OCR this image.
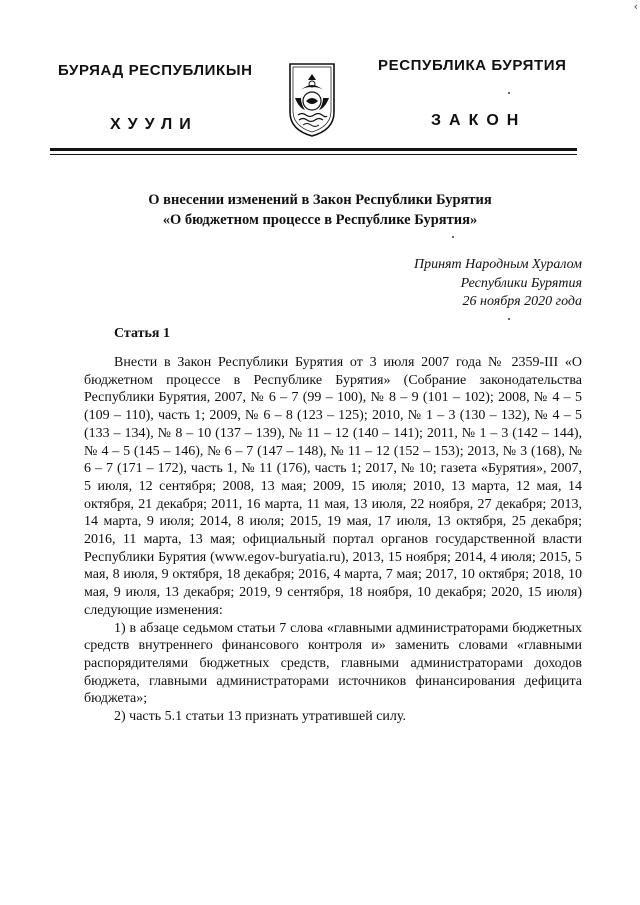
‹
БУРЯАД РЕСПУБЛИКЫН
ХУУЛИ
РЕСПУБЛИКА БУРЯТИЯ
ЗАКОН
О внесении изменений в Закон Республики Бурятия
«О бюджетном процессе в Республике Бурятия»
Принят Народным Хуралом
Республики Бурятия
26 ноября 2020 года
Статья 1

Внести в Закон Республики Бурятия от 3 июля 2007 года № 2359-III «О бюджетном процессе в Республике Бурятия» (Собрание законодательства Республики Бурятия, 2007, № 6 – 7 (99 – 100), № 8 – 9 (101 – 102); 2008, № 4 – 5 (109 – 110), часть 1; 2009, № 6 – 8 (123 – 125); 2010, № 1 – 3 (130 – 132), № 4 – 5 (133 – 134), № 8 – 10 (137 – 139), № 11 – 12 (140 – 141); 2011, № 1 – 3 (142 – 144), № 4 – 5 (145 – 146), № 6 – 7 (147 – 148), № 11 – 12 (152 – 153); 2013, № 3 (168), № 6 – 7 (171 – 172), часть 1, № 11 (176), часть 1; 2017, № 10; газета «Бурятия», 2007, 5 июля, 12 сентября; 2008, 13 мая; 2009, 15 июля; 2010, 13 марта, 12 мая, 14 октября, 21 декабря; 2011, 16 марта, 11 мая, 13 июля, 22 ноября, 27 декабря; 2013, 14 марта, 9 июля; 2014, 8 июля; 2015, 19 мая, 17 июля, 13 октября, 25 декабря; 2016, 11 марта, 13 мая; официальный портал органов государственной власти Республики Бурятия (www.egov-buryatia.ru), 2013, 15 ноября; 2014, 4 июля; 2015, 5 мая, 8 июля, 9 октября, 18 декабря; 2016, 4 марта, 7 мая; 2017, 10 октября; 2018, 10 мая, 9 июля, 13 декабря; 2019, 9 сентября, 18 ноября, 10 декабря; 2020, 15 июля) следующие изменения:

1) в абзаце седьмом статьи 7 слова «главными администраторами бюджетных средств внутреннего финансового контроля и» заменить словами «главными распорядителями бюджетных средств, главными администраторами доходов бюджета, главными администраторами источников финансирования дефицита бюджета»;

2) часть 5.1 статьи 13 признать утратившей силу.
